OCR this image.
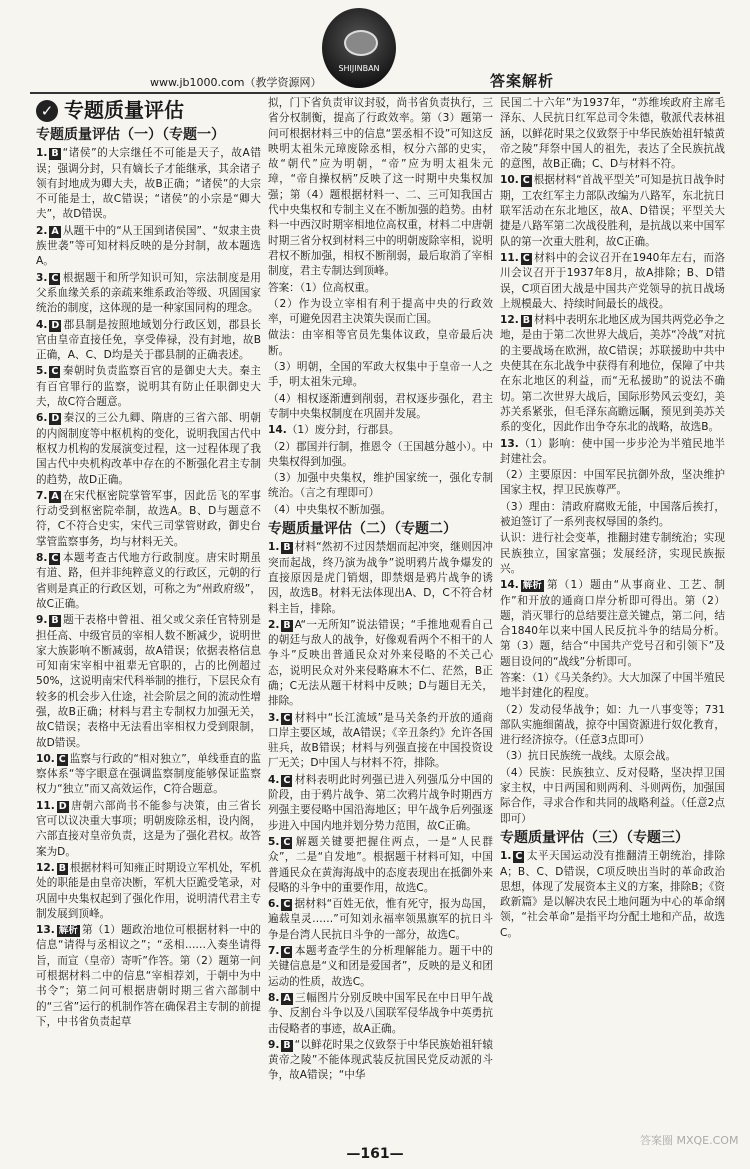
www.jb1000.com（教学资源网）
SHIJINBAN
答案解析
✓ 专题质量评估
专题质量评估（一）（专题一）
1. B “诸侯”的大宗继任不可能是天子，故A错误；强调分封，只有嫡长子才能继承，其余诸子领有封地成为卿大夫，故B正确；“诸侯”的大宗不可能是士，故C错误；“诸侯”的小宗是“卿大夫”，故D错误。
2. A 从题干中的“从王国到诸侯国”、“奴隶主贵族世袭”等可知材料反映的是分封制，故本题选A。
3. C 根据题干和所学知识可知，宗法制度是用父系血缘关系的亲疏来维系政治等级、巩固国家统治的制度，这体现的是一种家国同构的理念。
4. D 郡县制是按照地域划分行政区划，郡县长官由皇帝直接任免，享受俸禄，没有封地，故B正确，A、C、D均是关于郡县制的正确表述。
5. C 秦朝时负责监察百官的是御史大夫。秦主有百官罪行的监察，说明其有防止任职御史大夫，故C符合题意。
6. D 秦汉的三公九卿、隋唐的三省六部、明朝的内阁制度等中枢机构的变化，说明我国古代中枢权力机构的发展演变过程，这一过程体现了我国古代中央机构改革中存在的不断强化君主专制的趋势，故D正确。
7. A 在宋代枢密院掌管军事，因此岳飞的军事行动受到枢密院牵制，故选A。B、D与题意不符，C不符合史实，宋代三司掌管财政，御史台掌管监察事务，均与材料无关。
8. C 本题考查古代地方行政制度。唐宋时期虽有道、路，但并非纯粹意义的行政区，元朝的行省则是真正的行政区划，可称之为“州政府级”，故C正确。
9. B 题干表格中曾祖、祖父或父亲任官特别是担任高、中级官员的宰相人数不断减少，说明世家大族影响不断减弱，故A错误；依据表格信息可知南宋宰相中祖辈无官职的，占的比例超过50%，这说明南宋代科举制的推行，下层民众有较多的机会步入仕途，社会阶层之间的流动性增强，故B正确；材料与君主专制权力加强无关，故C错误；表格中无法看出宰相权力受到限制，故D错误。
10. C 监察与行政的“相对独立”，单线垂直的监察体系“等字眼意在强调监察制度能够保证监察权力“独立”而又高效运作，C符合题意。
11. D 唐朝六部尚书不能参与决策，由三省长官可以议决重大事项；明朝废除丞相，设内阁，六部直接对皇帝负责，这是为了强化君权。故答案为D。
12. B 根据材料可知雍正时期设立军机处，军机处的职能是由皇帝决断，军机大臣跪受笔录，对巩固中央集权起到了强化作用，说明清代君主专制发展到顶峰。
13. 解析 第（1）题政治地位可根据材料一中的信息“请得与丞相议之”；“丞相……入奏坐请得旨，而宣（皇帝）寄听”作答。第（2）题第一问可根据材料二中的信息“宰相荐刘，于朝中为中书令”；第二问可根据唐朝时期三省六部制中的“三省”运行的机制作答在确保君主专制的前提下，中书省负责起草
拟，门下省负责审议封驳，尚书省负责执行，三省分权制衡，提高了行政效率。第（3）题第一问可根据材料三中的信息“罢丞相不设”可知这反映明太祖朱元璋废除丞相，权分六部的史实，故“朝代”应为明朝，“帝”应为明太祖朱元璋，“帝自操权柄”反映了这一时期中央集权加强；第（4）题根据材料一、二、三可知我国古代中央集权和专制主义在不断加强的趋势。由材料一中西汉时期宰相地位高权重，材料二中唐朝时期三省分权到材料三中的明朝废除宰相，说明君权不断加强，相权不断削弱，最后取消了宰相制度，君主专制达到顶峰。
答案：（1）位高权重。
（2）作为设立宰相有利于提高中央的行政效率，可避免因君主决策失误而亡国。
做法：由宰相等官员先集体议政，皇帝最后决断。
（3）明朝，全国的军政大权集中于皇帝一人之手，明太祖朱元璋。
（4）相权逐渐遭到削弱，君权逐步强化，君主专制中央集权制度在巩固并发展。
14.（1）废分封，行郡县。
（2）郡国并行制，推恩令（王国越分越小）。中央集权得到加强。
（3）加强中央集权，维护国家统一，强化专制统治。（言之有理即可）
（4）中央集权不断加强。
专题质量评估（二）（专题二）
1. B 材料“然初不过因禁烟而起冲突，继则因冲突而起战，终乃演为战争”说明鸦片战争爆发的直接原因是虎门销烟，即禁烟是鸦片战争的诱因，故选B。材料无法体现出A、D，C不符合材料主旨，排除。
2. B A“一无所知”说法错误；“手推地观看自己的朝廷与敌人的战争，好像观看两个不相干的人争斗”反映出普通民众对外来侵略的不关己心态，说明民众对外来侵略麻木不仁、茫然，B正确；C无法从题干材料中反映；D与题目无关，排除。
3. C 材料中“长江流域”是马关条约开放的通商口岸主要区域，故A错误；《辛丑条约》允许各国驻兵，故B错误；材料与列强直接在中国投资设厂无关；D中国人与材料不符，排除。
4. C 材料表明此时列强已进入列强瓜分中国的阶段，由于鸦片战争、第二次鸦片战争时期西方列强主要侵略中国沿海地区；甲午战争后列强逐步进入中国内地并划分势力范围，故C正确。
5. C 解题关键要把握住两点，一是“人民群众”，二是“自发地”。根据题干材料可知，中国普通民众在黄海海战中的态度表现出在抵御外来侵略的斗争中的重要作用，故选C。
6. C 据材料“百姓无依，惟有死守，报为岛国，遍载皇灵……”可知刘永福率领黑旗军的抗日斗争是台湾人民抗日斗争的一部分，故选C。
7. C 本题考查学生的分析理解能力。题干中的关键信息是“义和团是爱国者”，反映的是义和团运动的性质，故选C。
8. A 三幅图片分别反映中国军民在中日甲午战争、反割台斗争以及八国联军侵华战争中英勇抗击侵略者的事迹，故A正确。
9. B “以鲜花时果之仪致祭于中华民族始祖轩辕黄帝之陵”不能体现武装反抗国民党反动派的斗争，故A错误；“中华
民国二十六年”为1937年，“苏维埃政府主席毛泽东、人民抗日红军总司令朱德，敬派代表林祖涵，以鲜花时果之仪致祭于中华民族始祖轩辕黄帝之陵”拜祭中国人的祖先，表达了全民族抗战的意图，故B正确；C、D与材料不符。
10. C 根据材料“首战平型关”可知是抗日战争时期，工农红军主力部队改编为八路军，东北抗日联军活动在东北地区，故A、D错误；平型关大捷是八路军第二次战役胜利，是抗战以来中国军队的第一次重大胜利，故C正确。
11. C 材料中的会议召开在1940年左右，而洛川会议召开于1937年8月，故A排除；B、D错误，C项百团大战是中国共产党领导的抗日战场上规模最大、持续时间最长的战役。
12. B 材料中表明东北地区成为国共两党必争之地，是由于第二次世界大战后，美苏“冷战”对抗的主要战场在欧洲，故C错误；苏联援助中共中央使其在东北战争中获得有利地位，保障了中共在东北地区的利益，而“无私援助”的说法不确切。第二次世界大战后，国际形势风云变幻，美苏关系紧张，但毛泽东高瞻远瞩，预见到美苏关系的变化，因此作出争夺东北的战略，故选B。
13.（1）影响：使中国一步步沦为半殖民地半封建社会。
（2）主要原因：中国军民抗御外敌，坚决维护国家主权，捍卫民族尊严。
（3）理由：清政府腐败无能，中国落后挨打，被迫签订了一系列丧权辱国的条约。
认识：进行社会变革，推翻封建专制统治；实现民族独立，国家富强；发展经济，实现民族振兴。
14. 解析 第（1）题由“从事商业、工艺、制作”和开放的通商口岸分析即可得出。第（2）题，消灭罪行的总结要注意关键点，第二问，结合1840年以来中国人民反抗斗争的结局分析。第（3）题，结合“中国共产党号召和引领下”及题目设问的“战线”分析即可。
答案：（1）《马关条约》。大大加深了中国半殖民地半封建化的程度。
（2）发动侵华战争；如：九一八事变等；731部队实施细菌战，掠夺中国资源进行奴化教育，进行经济掠夺。（任意3点即可）
（3）抗日民族统一战线。太原会战。
（4）民族：民族独立、反对侵略，坚决捍卫国家主权，中日两国和则两利、斗则两伤，加强国际合作，寻求合作和共同的战略利益。（任意2点即可）
专题质量评估（三）（专题三）
1. C 太平天国运动没有推翻清王朝统治，排除A；B、C、D错误，C项反映出当时的革命政治思想，体现了发展资本主义的方案，排除B；《资政新篇》是以解决农民土地问题为中心的革命纲领，“社会革命”是指平均分配土地和产品，故选C。
—161—
答案圈 MXQE.COM
